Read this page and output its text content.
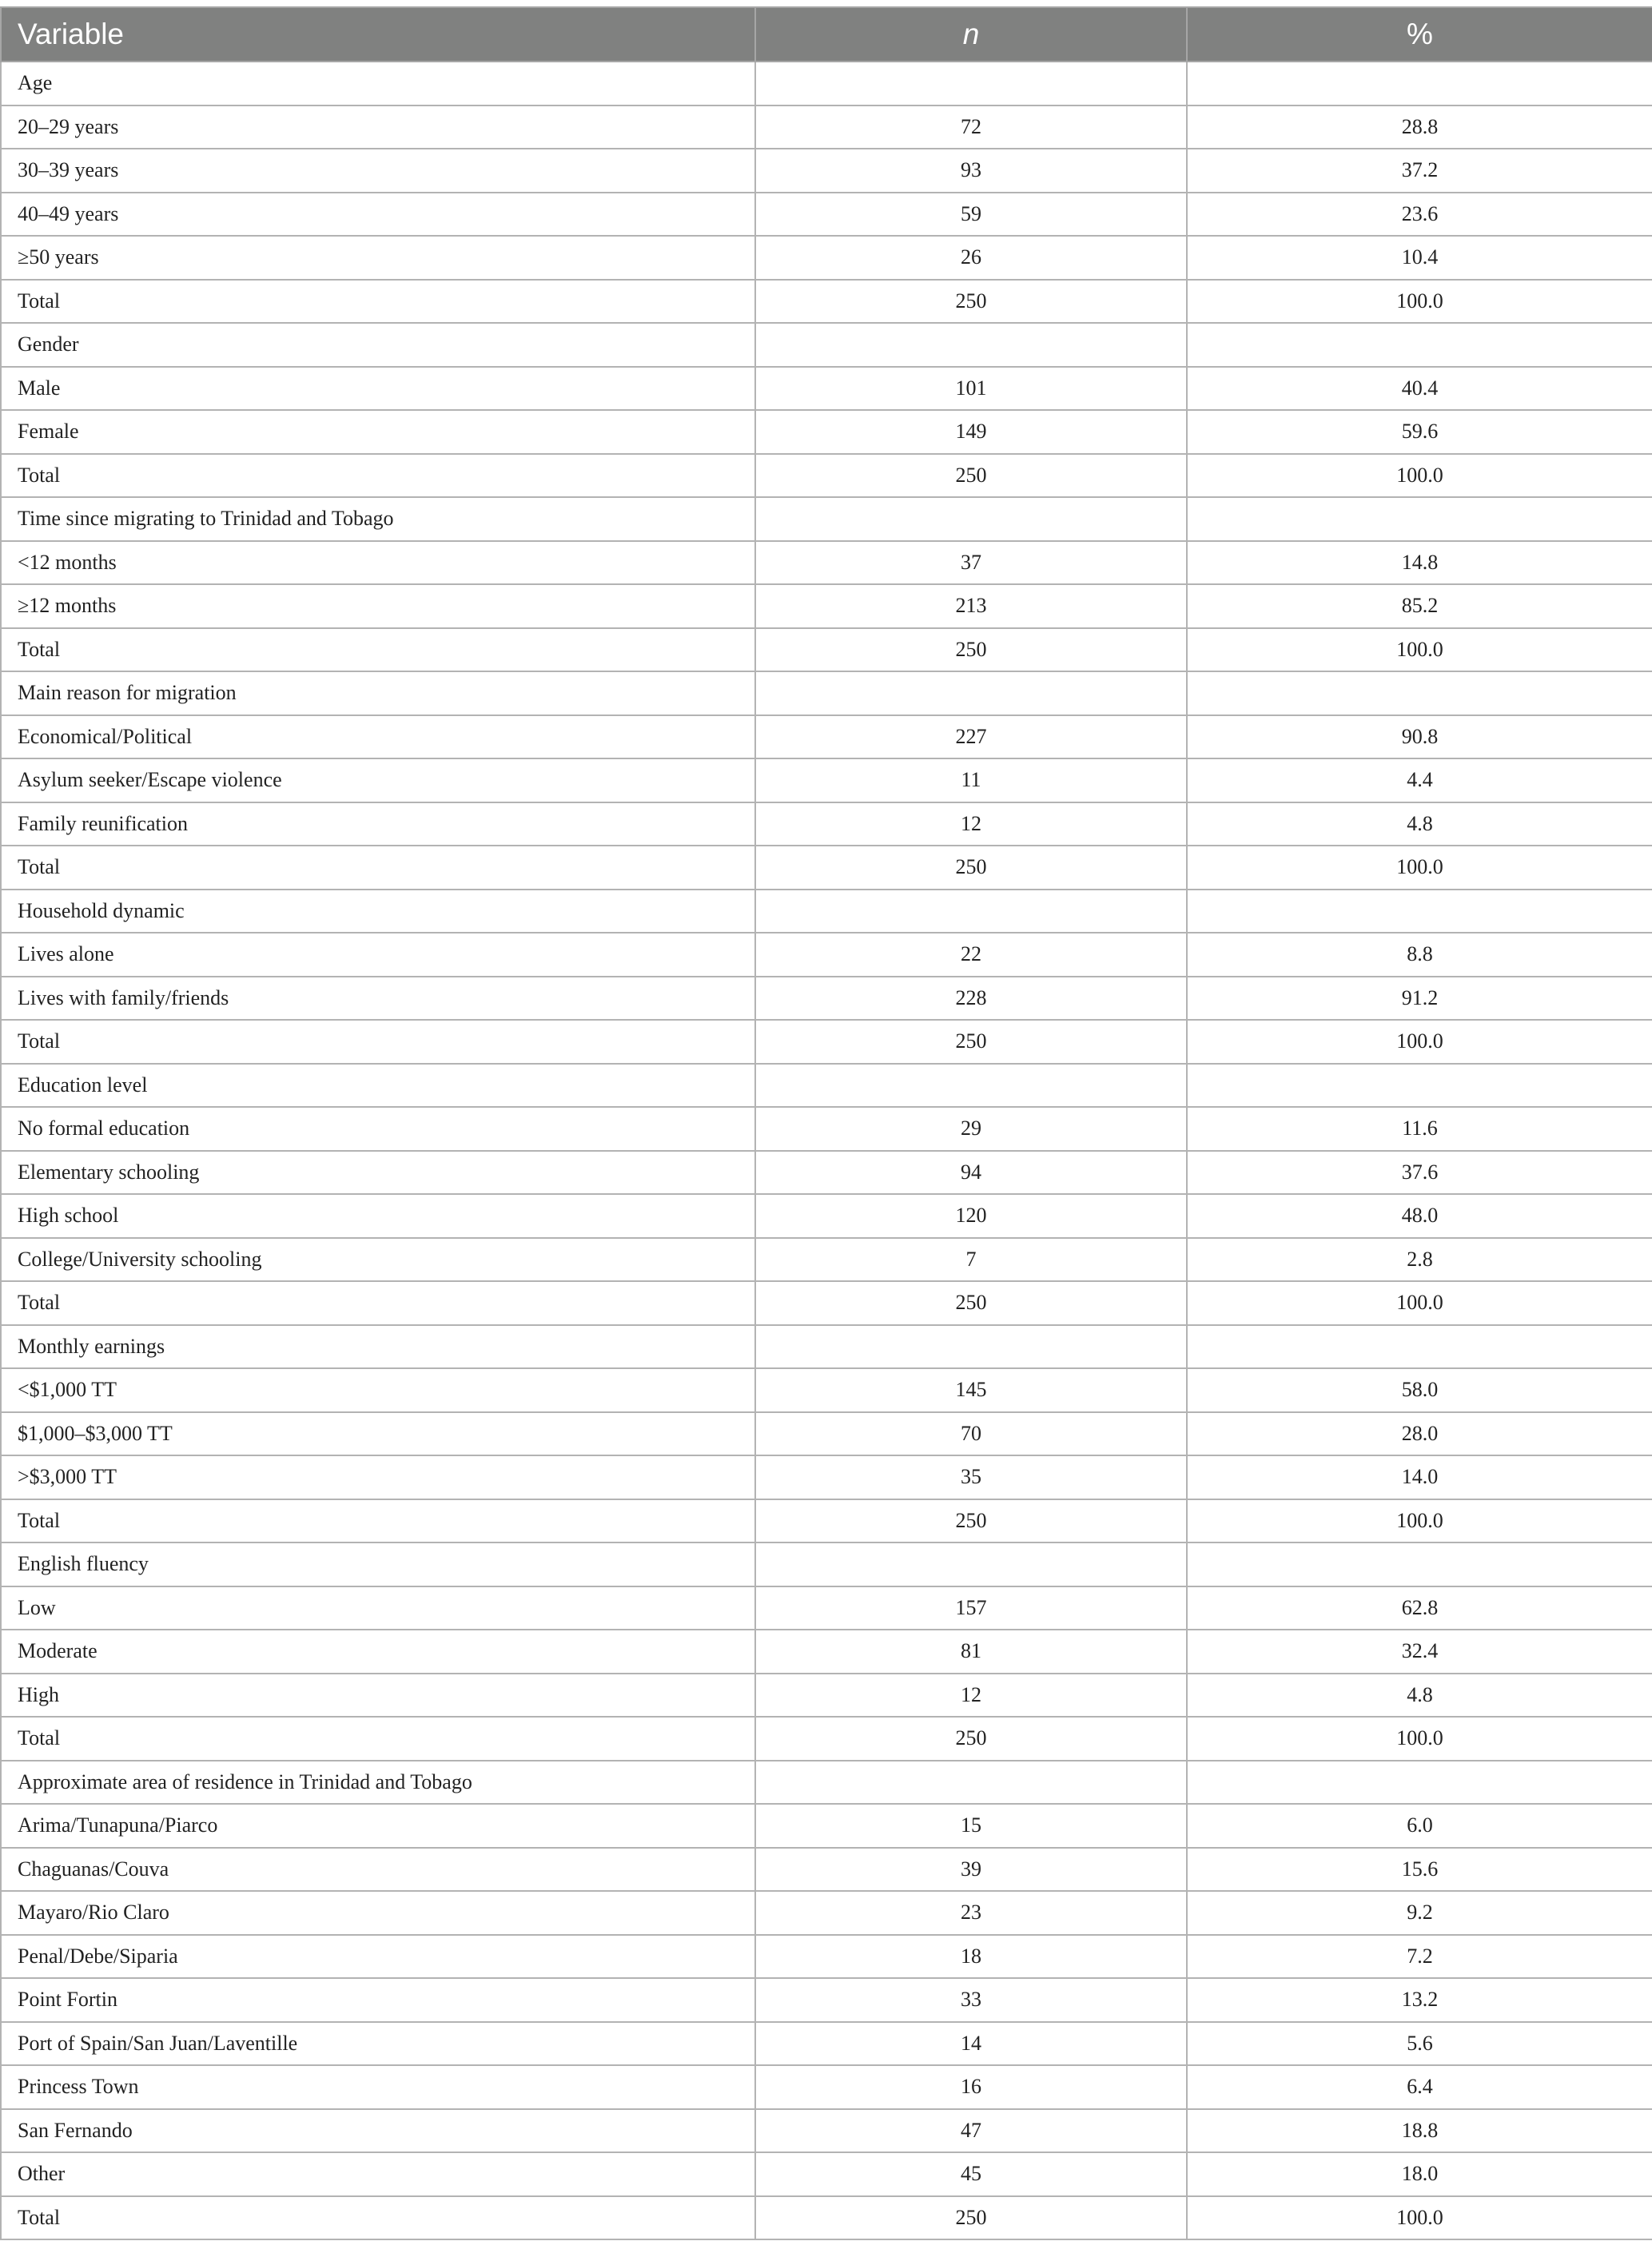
Variable	n	%
Age		
20–29 years	72	28.8
30–39 years	93	37.2
40–49 years	59	23.6
≥50 years	26	10.4
Total	250	100.0
Gender		
Male	101	40.4
Female	149	59.6
Total	250	100.0
Time since migrating to Trinidad and Tobago		
<12 months	37	14.8
≥12 months	213	85.2
Total	250	100.0
Main reason for migration		
Economical/Political	227	90.8
Asylum seeker/Escape violence	11	4.4
Family reunification	12	4.8
Total	250	100.0
Household dynamic		
Lives alone	22	8.8
Lives with family/friends	228	91.2
Total	250	100.0
Education level		
No formal education	29	11.6
Elementary schooling	94	37.6
High school	120	48.0
College/University schooling	7	2.8
Total	250	100.0
Monthly earnings		
<$1,000 TT	145	58.0
$1,000–$3,000 TT	70	28.0
>$3,000 TT	35	14.0
Total	250	100.0
English fluency		
Low	157	62.8
Moderate	81	32.4
High	12	4.8
Total	250	100.0
Approximate area of residence in Trinidad and Tobago		
Arima/Tunapuna/Piarco	15	6.0
Chaguanas/Couva	39	15.6
Mayaro/Rio Claro	23	9.2
Penal/Debe/Siparia	18	7.2
Point Fortin	33	13.2
Port of Spain/San Juan/Laventille	14	5.6
Princess Town	16	6.4
San Fernando	47	18.8
Other	45	18.0
Total	250	100.0
